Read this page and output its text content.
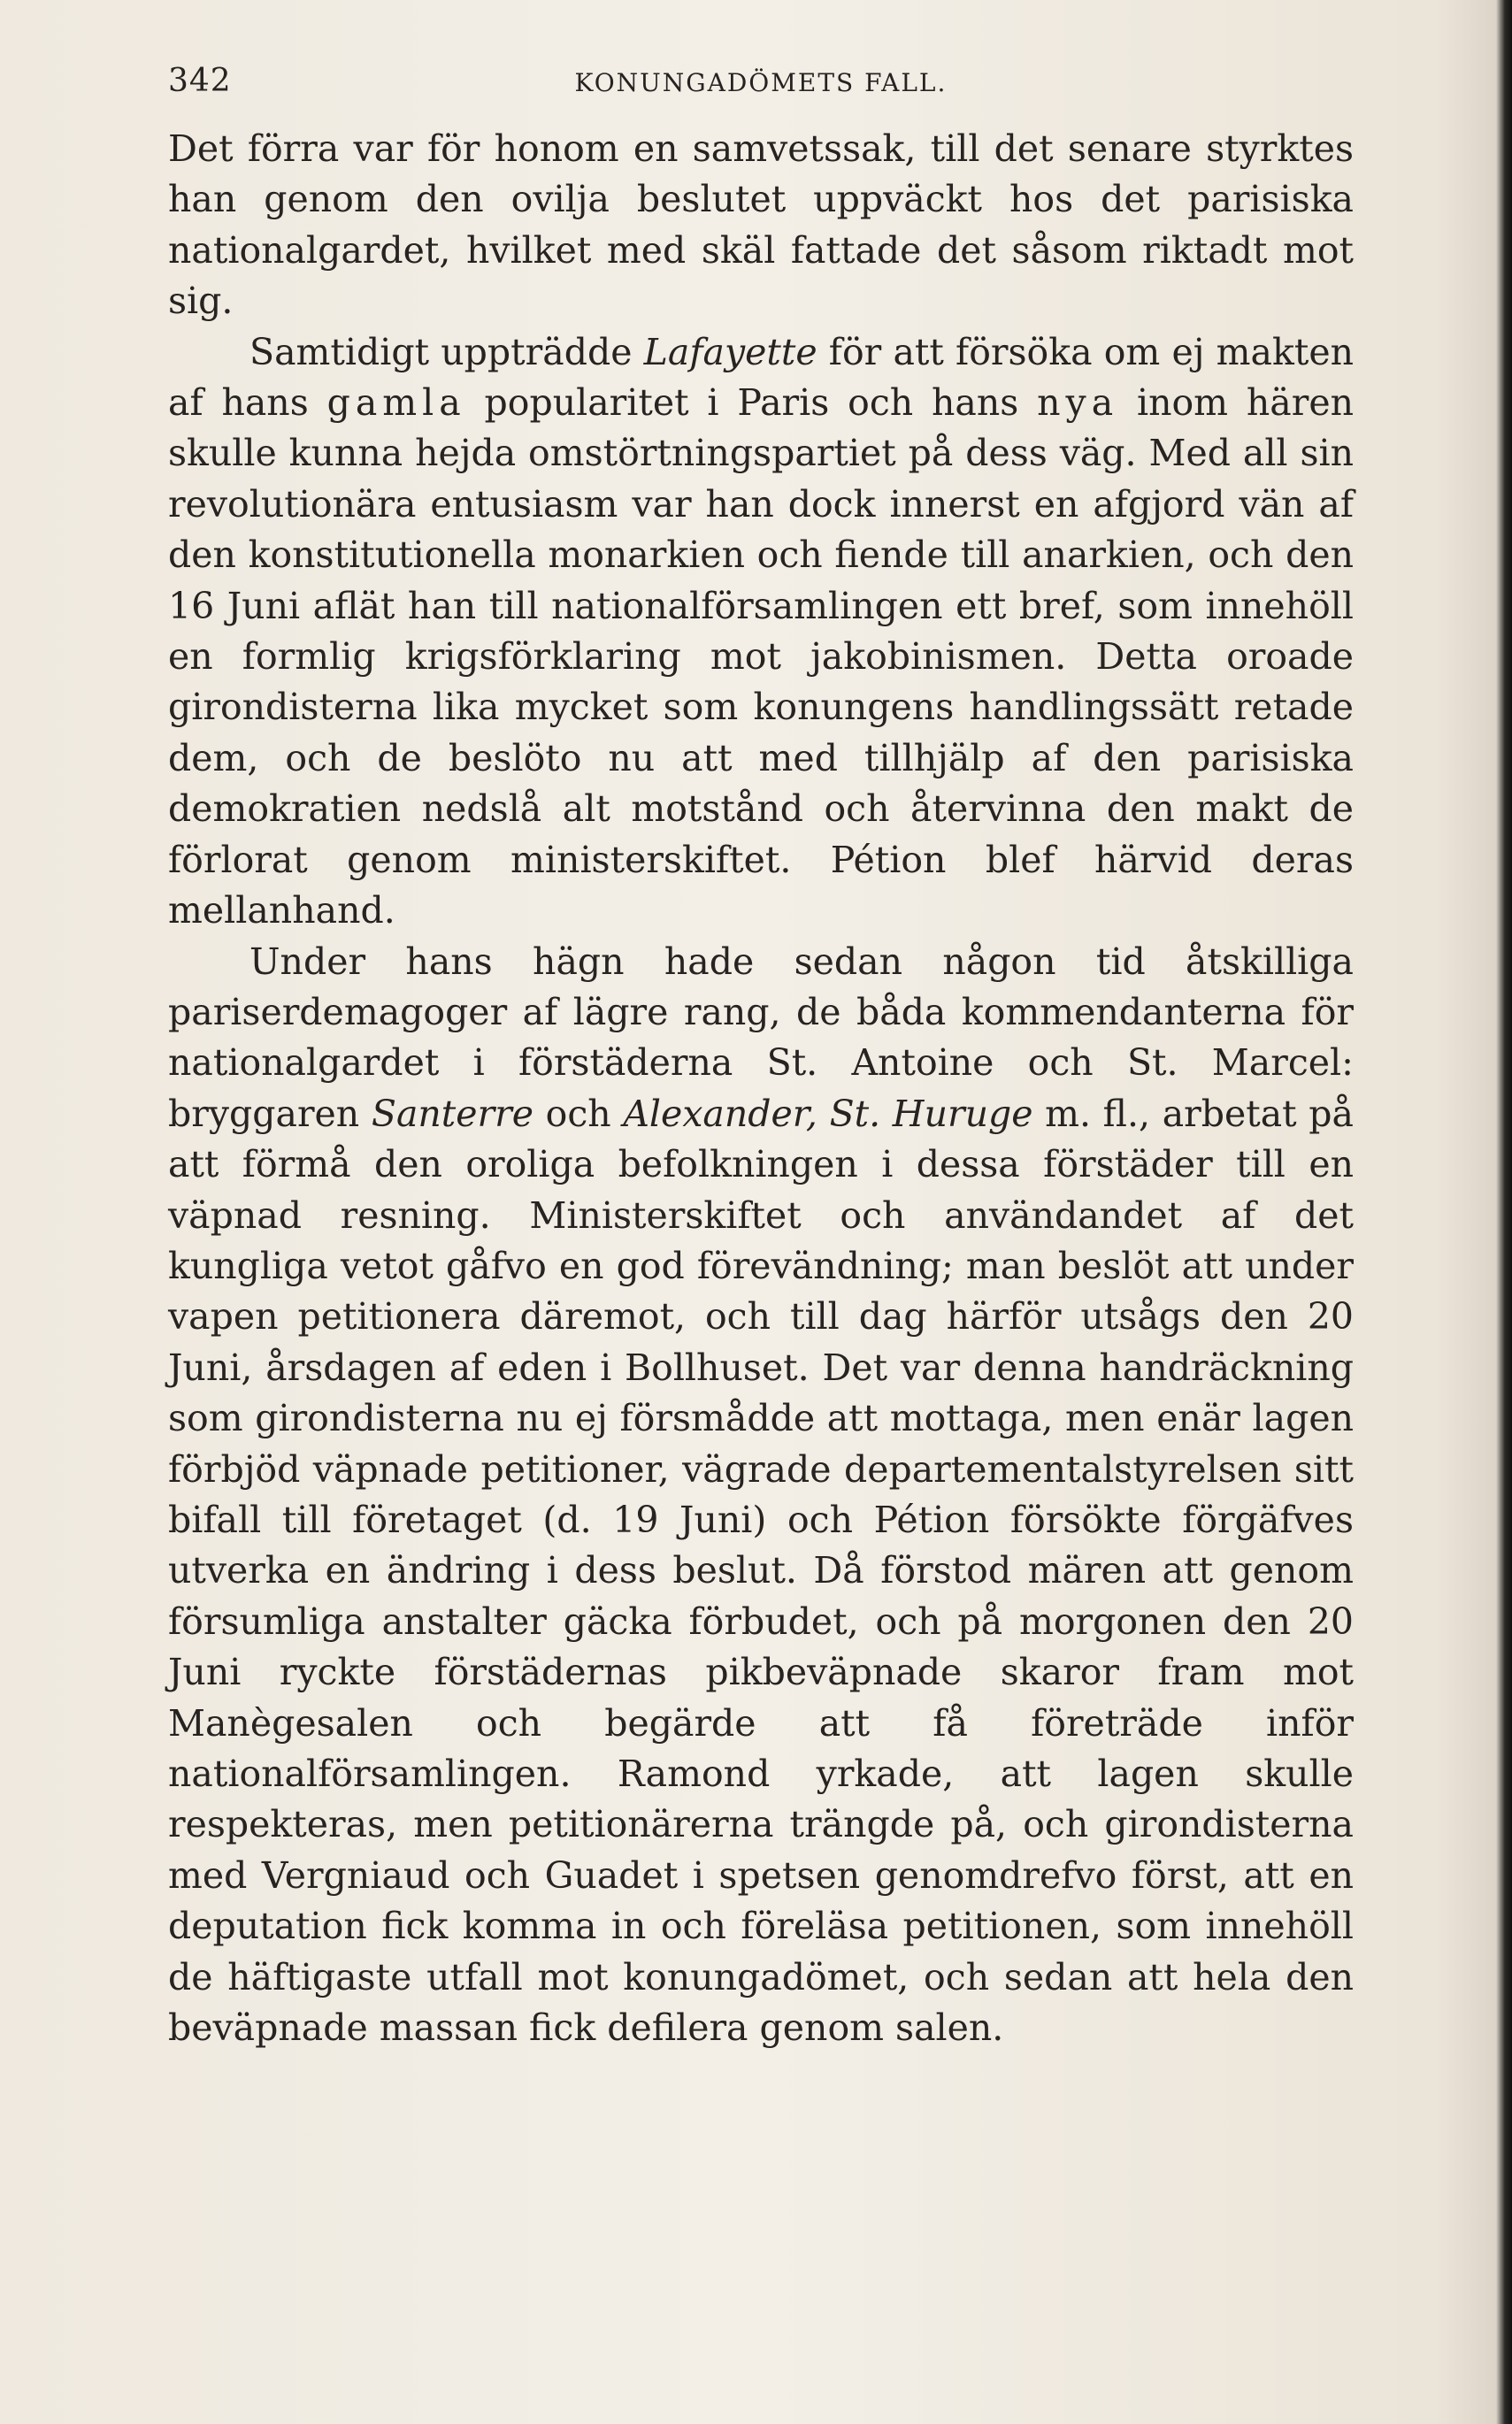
342	KONUNGADÖMETS FALL.

Det förra var för honom en samvetssak, till det senare styrktes han genom den ovilja beslutet uppväckt hos det parisiska nationalgardet, hvilket med skäl fattade det såsom riktadt mot sig.

Samtidigt uppträdde Lafayette för att försöka om ej makten af hans gamla popularitet i Paris och hans nya inom hären skulle kunna hejda omstörtningspartiet på dess väg. Med all sin revolutionära entusiasm var han dock innerst en afgjord vän af den konstitutionella monarkien och fiende till anarkien, och den 16 Juni aflät han till nationalförsamlingen ett bref, som innehöll en formlig krigsförklaring mot jakobinismen. Detta oroade girondisterna lika mycket som konungens handlingssätt retade dem, och de beslöto nu att med tillhjälp af den parisiska demokratien nedslå alt motstånd och återvinna den makt de förlorat genom ministerskiftet. Pétion blef härvid deras mellanhand.

Under hans hägn hade sedan någon tid åtskilliga pariserdemagoger af lägre rang, de båda kommendanterna för nationalgardet i förstäderna St. Antoine och St. Marcel: bryggaren Santerre och Alexander, St. Huruge m. fl., arbetat på att förmå den oroliga befolkningen i dessa förstäder till en väpnad resning. Ministerskiftet och användandet af det kungliga vetot gåfvo en god förevändning; man beslöt att under vapen petitionera däremot, och till dag härför utsågs den 20 Juni, årsdagen af eden i Bollhuset. Det var denna handräckning som girondisterna nu ej försmådde att mottaga, men enär lagen förbjöd väpnade petitioner, vägrade departementalstyrelsen sitt bifall till företaget (d. 19 Juni) och Pétion försökte förgäfves utverka en ändring i dess beslut. Då förstod mären att genom försumliga anstalter gäcka förbudet, och på morgonen den 20 Juni ryckte förstädernas pikbeväpnade skaror fram mot Manègesalen och begärde att få företräde inför nationalförsamlingen. Ramond yrkade, att lagen skulle respekteras, men petitionärerna trängde på, och girondisterna med Vergniaud och Guadet i spetsen genomdrefvo först, att en deputation fick komma in och föreläsa petitionen, som innehöll de häftigaste utfall mot konungadömet, och sedan att hela den beväpnade massan fick defilera genom salen.
